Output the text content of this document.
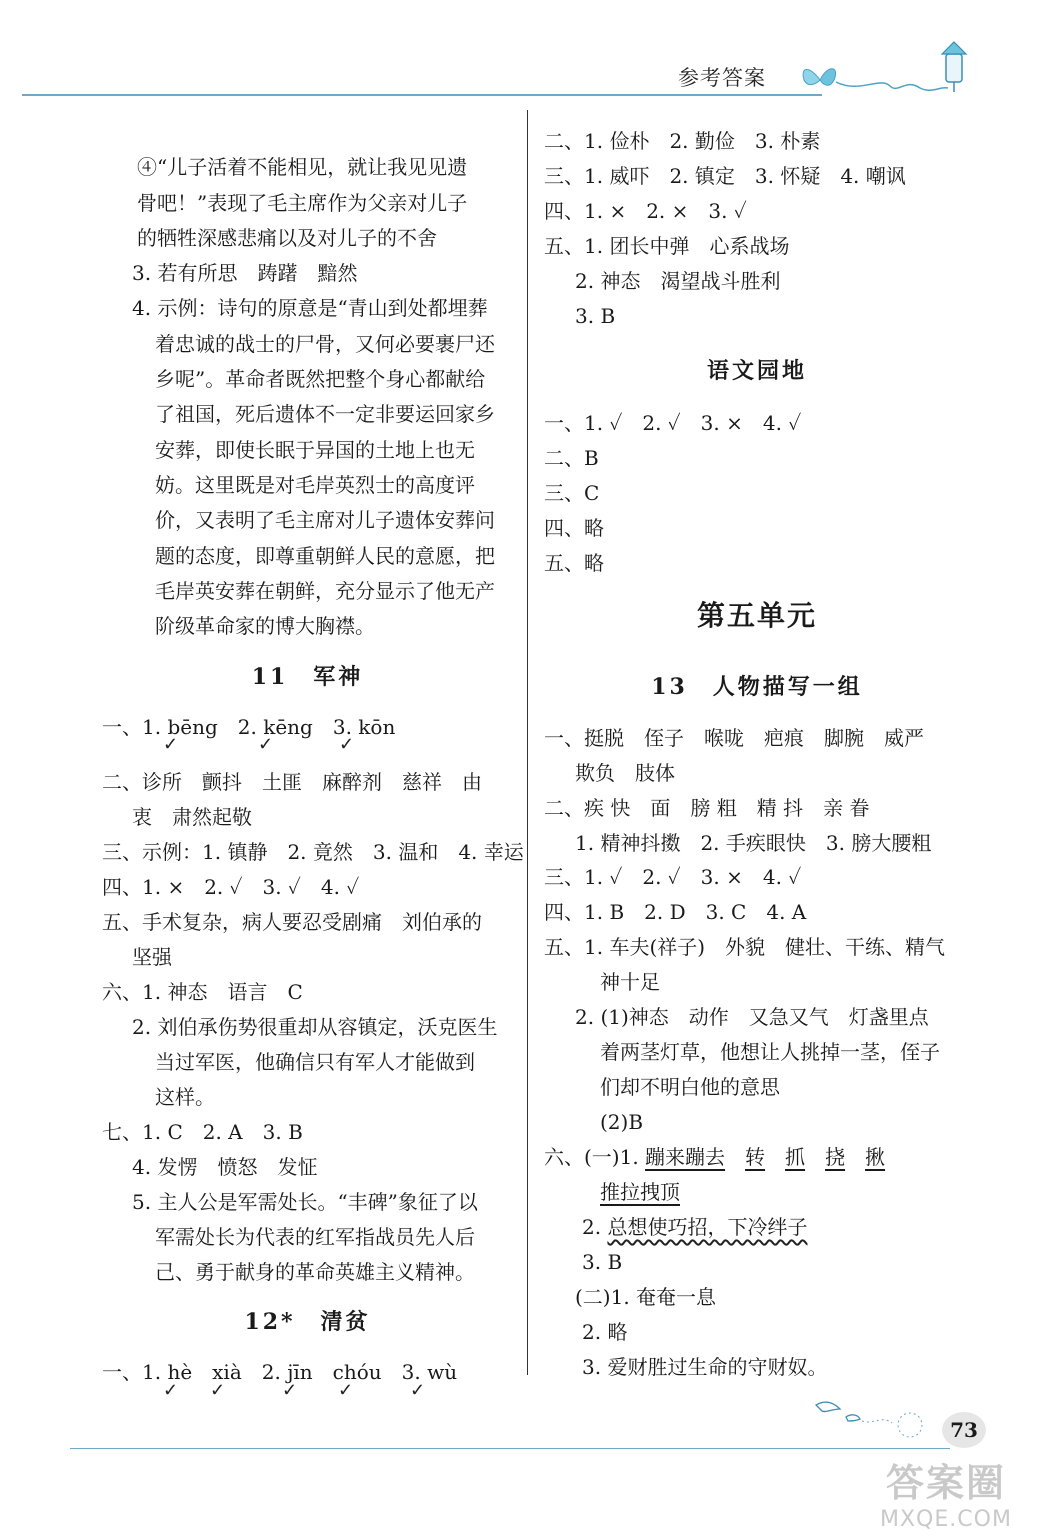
参考答案
④“儿子活着不能相见，就让我见见遗
骨吧！”表现了毛主席作为父亲对儿子
的牺牲深感悲痛以及对儿子的不舍
3. 若有所思　踌躇　黯然
4. 示例：诗句的原意是“青山到处都埋葬
着忠诚的战士的尸骨，又何必要裹尸还
乡呢”。革命者既然把整个身心都献给
了祖国，死后遗体不一定非要运回家乡
安葬，即使长眠于异国的土地上也无
妨。这里既是对毛岸英烈士的高度评
价，又表明了毛主席对儿子遗体安葬问
题的态度，即尊重朝鲜人民的意愿，把
毛岸英安葬在朝鲜，充分显示了他无产
阶级革命家的博大胸襟。
11　军神
一、1. bēng　2. kēng　3. kōn
✓	✓	✓
二、诊所　颤抖　土匪　麻醉剂　慈祥　由
衷　肃然起敬
三、示例：1. 镇静　2. 竟然　3. 温和　4. 幸运
四、1. ×　2. ✓　3. ✓　4. ✓
五、手术复杂，病人要忍受剧痛　刘伯承的
坚强
六、1. 神态　语言　C
2. 刘伯承伤势很重却从容镇定，沃克医生
当过军医，他确信只有军人才能做到
这样。
七、1. C　2. A　3. B
4. 发愣　愤怒　发怔
5. 主人公是军需处长。“丰碑”象征了以
军需处长为代表的红军指战员先人后
己、勇于献身的革命英雄主义精神。
12*　清贫
一、1. hè　xià　2. jīn　chóu　3. wù
✓ ✓	✓ ✓	✓
二、1. 俭朴　2. 勤俭　3. 朴素
三、1. 威吓　2. 镇定　3. 怀疑　4. 嘲讽
四、1. ×　2. ×　3. ✓
五、1. 团长中弹　心系战场
2. 神态　渴望战斗胜利
3. B
语文园地
一、1. ✓　2. ✓　3. ×　4. ✓
二、B
三、C
四、略
五、略
第五单元
13　人物描写一组
一、挺脱　侄子　喉咙　疤痕　脚腕　威严
欺负　肢体
二、疾 快　面　膀 粗　精 抖　亲 眷
1. 精神抖擞　2. 手疾眼快　3. 膀大腰粗
三、1. ✓　2. ✓　3. ×　4. ✓
四、1. B　2. D　3. C　4. A
五、1. 车夫(祥子)　外貌　健壮、干练、精气
神十足
2. (1)神态　动作　又急又气　灯盏里点
着两茎灯草，他想让人挑掉一茎，侄子
们却不明白他的意思
(2)B
六、(一)1. 蹦来蹦去　 转　 抓　 挠　 揪
推拉拽顶
2. 总想使巧招，下冷绊子
3. B
(二)1. 奄奄一息
2. 略
3. 爱财胜过生命的守财奴。
73
答案圈
MXQE.COM
